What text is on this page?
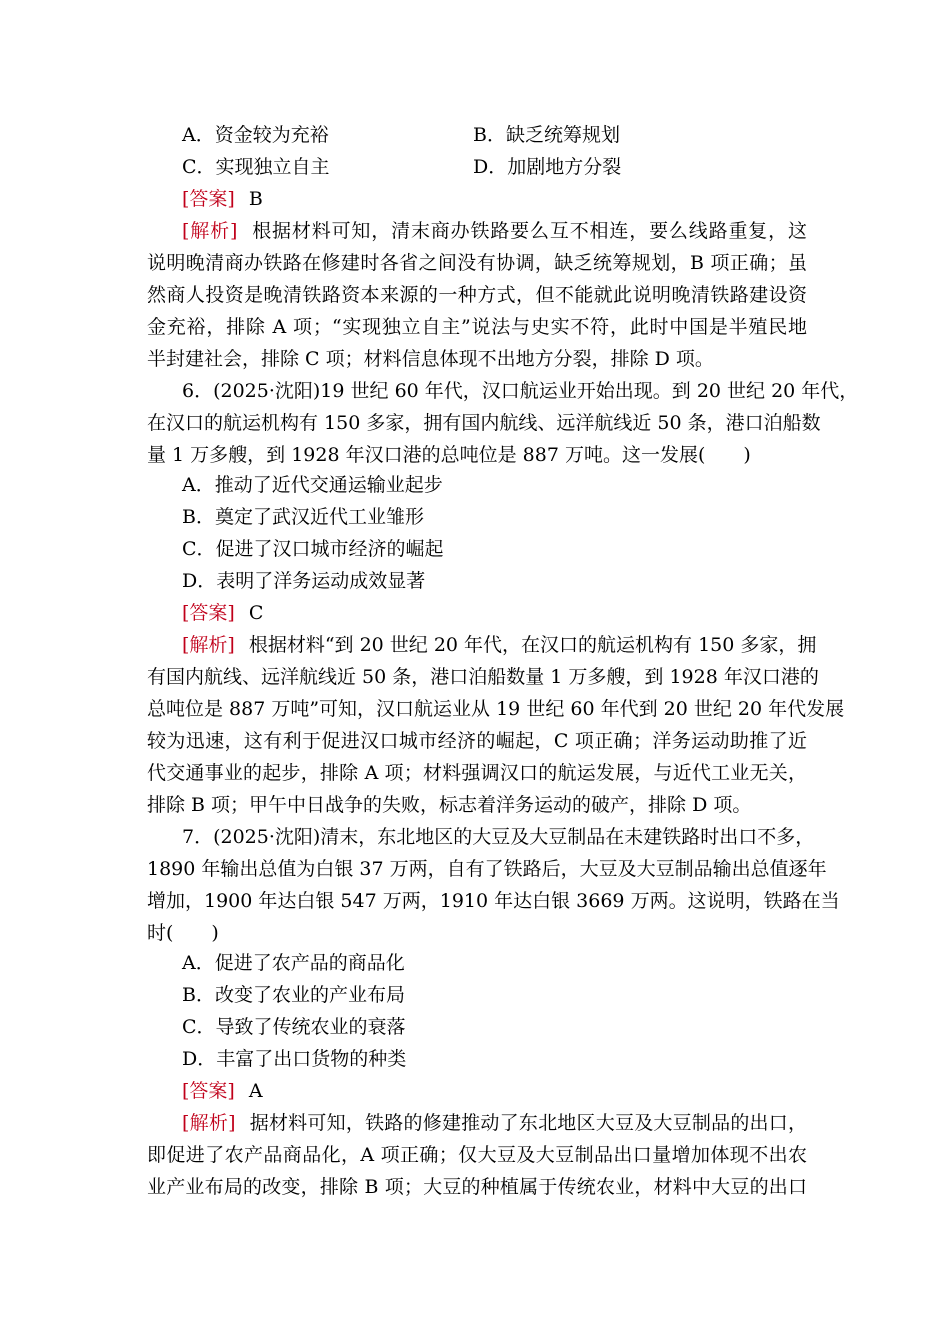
A．资金较为充裕	B．缺乏统筹规划
C．实现独立自主	D．加剧地方分裂
[答案] B
[解析] 根据材料可知，清末商办铁路要么互不相连，要么线路重复，这
说明晚清商办铁路在修建时各省之间没有协调，缺乏统筹规划，B 项正确；虽
然商人投资是晚清铁路资本来源的一种方式，但不能就此说明晚清铁路建设资
金充裕，排除 A 项；“实现独立自主”说法与史实不符，此时中国是半殖民地
半封建社会，排除 C 项；材料信息体现不出地方分裂，排除 D 项。
6．(2025·沈阳)19 世纪 60 年代，汉口航运业开始出现。到 20 世纪 20 年代，
在汉口的航运机构有 150 多家，拥有国内航线、远洋航线近 50 条，港口泊船数
量 1 万多艘，到 1928 年汉口港的总吨位是 887 万吨。这一发展(　　)
A．推动了近代交通运输业起步
B．奠定了武汉近代工业雏形
C．促进了汉口城市经济的崛起
D．表明了洋务运动成效显著
[答案] C
[解析] 根据材料“到 20 世纪 20 年代，在汉口的航运机构有 150 多家，拥
有国内航线、远洋航线近 50 条，港口泊船数量 1 万多艘，到 1928 年汉口港的
总吨位是 887 万吨”可知，汉口航运业从 19 世纪 60 年代到 20 世纪 20 年代发展
较为迅速，这有利于促进汉口城市经济的崛起，C 项正确；洋务运动助推了近
代交通事业的起步，排除 A 项；材料强调汉口的航运发展，与近代工业无关，
排除 B 项；甲午中日战争的失败，标志着洋务运动的破产，排除 D 项。
7．(2025·沈阳)清末，东北地区的大豆及大豆制品在未建铁路时出口不多，
1890 年输出总值为白银 37 万两，自有了铁路后，大豆及大豆制品输出总值逐年
增加，1900 年达白银 547 万两，1910 年达白银 3669 万两。这说明，铁路在当
时(　　)
A．促进了农产品的商品化
B．改变了农业的产业布局
C．导致了传统农业的衰落
D．丰富了出口货物的种类
[答案] A
[解析] 据材料可知，铁路的修建推动了东北地区大豆及大豆制品的出口，
即促进了农产品商品化，A 项正确；仅大豆及大豆制品出口量增加体现不出农
业产业布局的改变，排除 B 项；大豆的种植属于传统农业，材料中大豆的出口
